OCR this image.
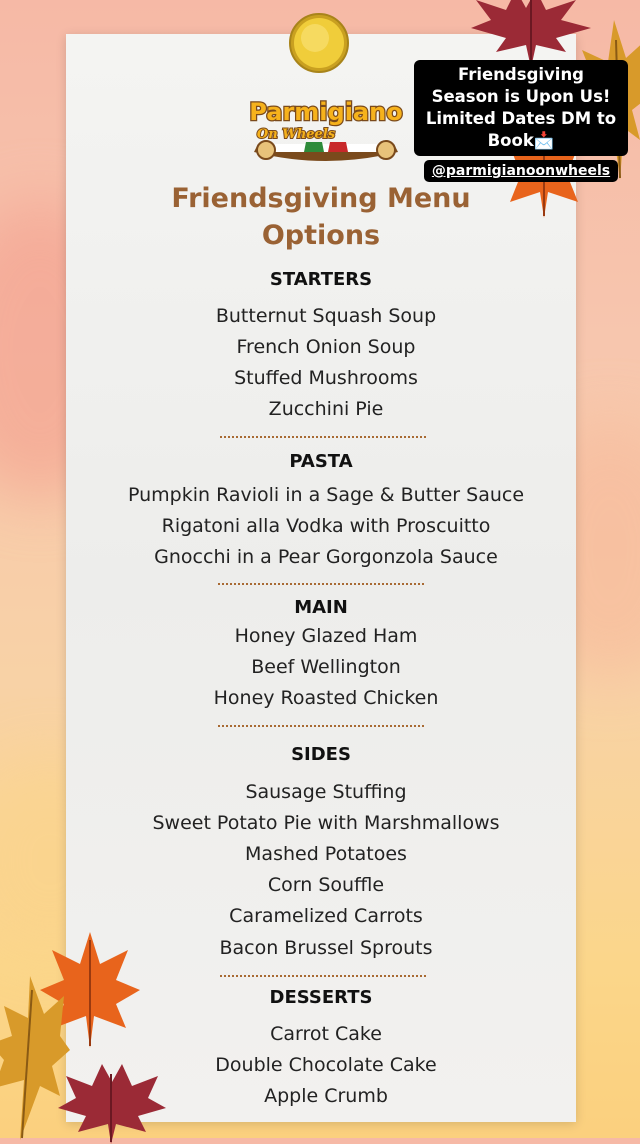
Parmigiano
On Wheels
Friendsgiving Season is Upon Us! Limited Dates DM to Book📩 @parmigianoonwheels
Friendsgiving Menu
Options
STARTERS
Butternut Squash Soup
French Onion Soup
Stuffed Mushrooms
Zucchini Pie
PASTA
Pumpkin Ravioli in a Sage & Butter Sauce
Rigatoni alla Vodka with Proscuitto
Gnocchi in a Pear Gorgonzola Sauce
MAIN
Honey Glazed Ham
Beef Wellington
Honey Roasted Chicken
SIDES
Sausage Stuffing
Sweet Potato Pie with Marshmallows
Mashed Potatoes
Corn Souffle
Caramelized Carrots
Bacon Brussel Sprouts
DESSERTS
Carrot Cake
Double Chocolate Cake
Apple Crumb
